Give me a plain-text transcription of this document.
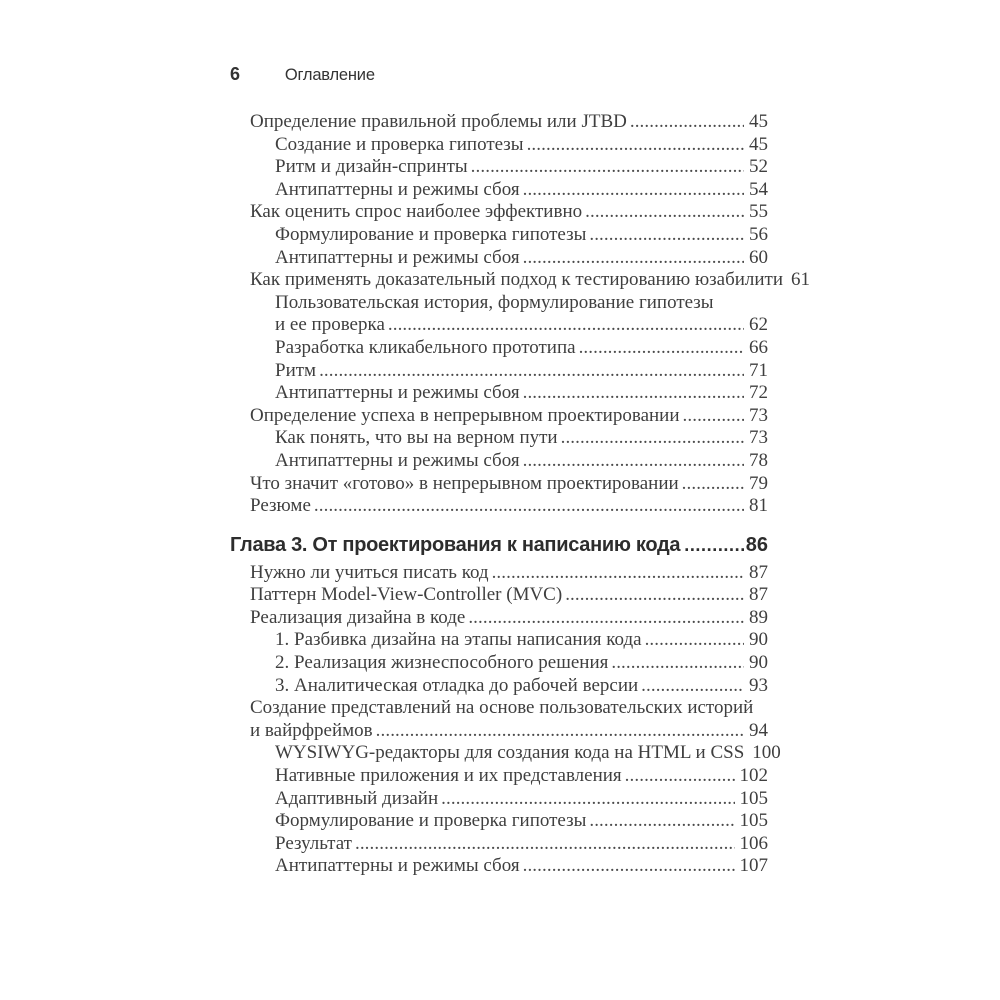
6	Оглавление
Определение правильной проблемы или JTBD .....	45
Создание и проверка гипотезы .....	45
Ритм и дизайн-спринты .....	52
Антипаттерны и режимы сбоя .....	54
Как оценить спрос наиболее эффективно .....	55
Формулирование и проверка гипотезы .....	56
Антипаттерны и режимы сбоя .....	60
Как применять доказательный подход к тестированию юзабилити ..... 61
Пользовательская история, формулирование гипотезы
и ее проверка .....	62
Разработка кликабельного прототипа .....	66
Ритм .....	71
Антипаттерны и режимы сбоя .....	72
Определение успеха в непрерывном проектировании .....	73
Как понять, что вы на верном пути .....	73
Антипаттерны и режимы сбоя .....	78
Что значит «готово» в непрерывном проектировании .....	79
Резюме .....	81
Глава 3. От проектирования к написанию кода .....	86
Нужно ли учиться писать код .....	87
Паттерн Model-View-Controller (MVC) .....	87
Реализация дизайна в коде .....	89
1. Разбивка дизайна на этапы написания кода .....	90
2. Реализация жизнеспособного решения .....	90
3. Аналитическая отладка до рабочей версии .....	93
Создание представлений на основе пользовательских историй
и вайрфреймов .....	94
WYSIWYG-редакторы для создания кода на HTML и CSS ..... 100
Нативные приложения и их представления .....	102
Адаптивный дизайн .....	105
Формулирование и проверка гипотезы .....	105
Результат .....	106
Антипаттерны и режимы сбоя .....	107
